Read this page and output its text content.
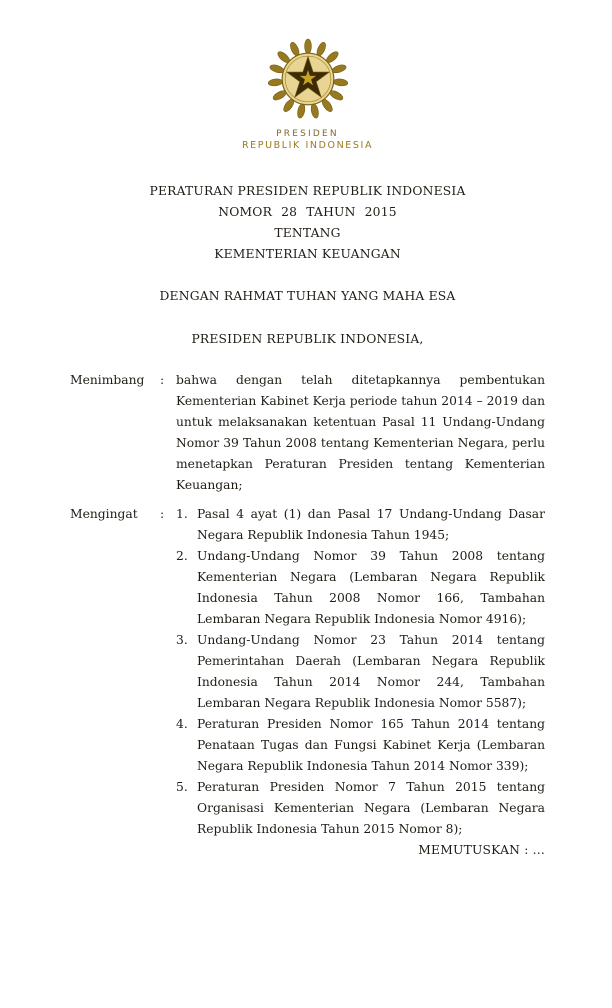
PRESIDEN
REPUBLIK INDONESIA
PERATURAN PRESIDEN REPUBLIK INDONESIA
NOMOR 28 TAHUN 2015
TENTANG
KEMENTERIAN KEUANGAN
DENGAN RAHMAT TUHAN YANG MAHA ESA
PRESIDEN REPUBLIK INDONESIA,
Menimbang	: bahwa dengan telah ditetapkannya pembentukan Kementerian Kabinet Kerja periode tahun 2014 – 2019 dan untuk melaksanakan ketentuan Pasal 11 Undang-Undang Nomor 39 Tahun 2008 tentang Kementerian Negara, perlu menetapkan Peraturan Presiden tentang Kementerian Keuangan;
Mengingat	: 1. Pasal 4 ayat (1) dan Pasal 17 Undang-Undang Dasar Negara Republik Indonesia Tahun 1945;
2. Undang-Undang Nomor 39 Tahun 2008 tentang Kementerian Negara (Lembaran Negara Republik Indonesia Tahun 2008 Nomor 166, Tambahan Lembaran Negara Republik Indonesia Nomor 4916);
3. Undang-Undang Nomor 23 Tahun 2014 tentang Pemerintahan Daerah (Lembaran Negara Republik Indonesia Tahun 2014 Nomor 244, Tambahan Lembaran Negara Republik Indonesia Nomor 5587);
4. Peraturan Presiden Nomor 165 Tahun 2014 tentang Penataan Tugas dan Fungsi Kabinet Kerja (Lembaran Negara Republik Indonesia Tahun 2014 Nomor 339);
5. Peraturan Presiden Nomor 7 Tahun 2015 tentang Organisasi Kementerian Negara (Lembaran Negara Republik Indonesia Tahun 2015 Nomor 8);
MEMUTUSKAN : ...
